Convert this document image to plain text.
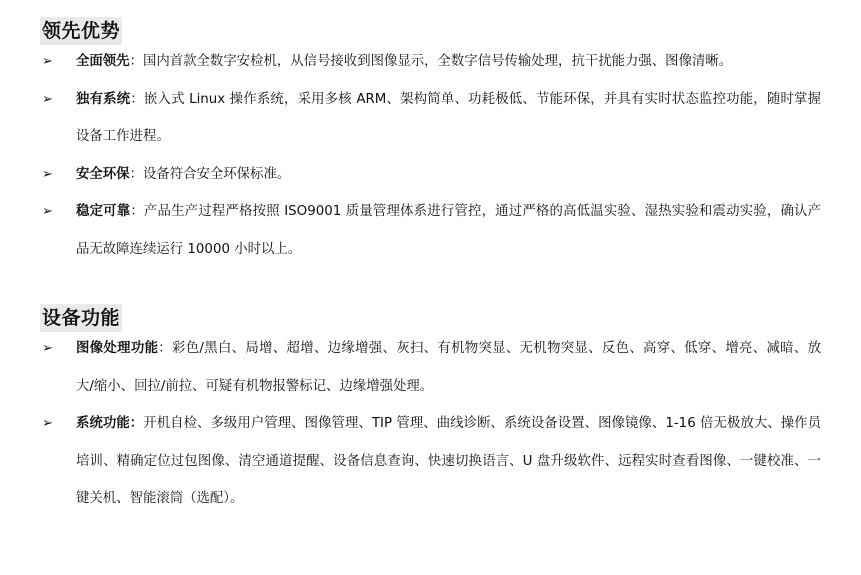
领先优势
➢ 全面领先：国内首款全数字安检机，从信号接收到图像显示，全数字信号传输处理，抗干扰能力强、图像清晰。
➢ 独有系统：嵌入式 Linux 操作系统，采用多核 ARM、架构简单、功耗极低、节能环保，并具有实时状态监控功能，随时掌握设备工作进程。
➢ 安全环保：设备符合安全环保标准。
➢ 稳定可靠：产品生产过程严格按照 ISO9001 质量管理体系进行管控，通过严格的高低温实验、湿热实验和震动实验，确认产品无故障连续运行 10000 小时以上。
设备功能
➢ 图像处理功能：彩色/黑白、局增、超增、边缘增强、灰扫、有机物突显、无机物突显、反色、高穿、低穿、增亮、减暗、放大/缩小、回拉/前拉、可疑有机物报警标记、边缘增强处理。
➢ 系统功能：开机自检、多级用户管理、图像管理、TIP 管理、曲线诊断、系统设备设置、图像镜像、1-16 倍无极放大、操作员培训、精确定位过包图像、清空通道提醒、设备信息查询、快速切换语言、U 盘升级软件、远程实时查看图像、一键校准、一键关机、智能滚筒（选配）。
